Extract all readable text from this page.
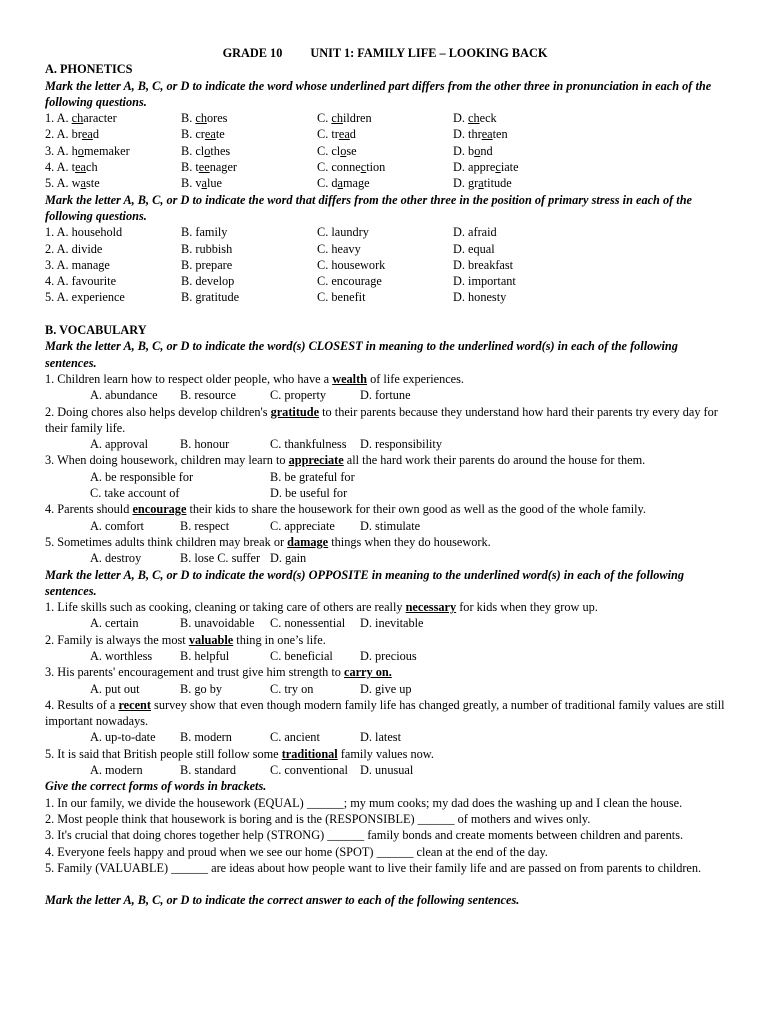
GRADE 10 UNIT 1: FAMILY LIFE – LOOKING BACK
A. PHONETICS
Mark the letter A, B, C, or D to indicate the word whose underlined part differs from the other three in pronunciation in each of the following questions.
1. A. character	B. chores	C. children	D. check
2. A. bread	B. create	C. tread	D. threaten
3. A. homemaker	B. clothes	C. close	D. bond
4. A. teach	B. teenager	C. connection	D. appreciate
5. A. waste	B. value	C. damage	D. gratitude
Mark the letter A, B, C, or D to indicate the word that differs from the other three in the position of primary stress in each of the following questions.
1. A. household	B. family	C. laundry	D. afraid
2. A. divide	B. rubbish	C. heavy	D. equal
3. A. manage	B. prepare	C. housework	D. breakfast
4. A. favourite	B. develop	C. encourage	D. important
5. A. experience	B. gratitude	C. benefit	D. honesty
B. VOCABULARY
Mark the letter A, B, C, or D to indicate the word(s) CLOSEST in meaning to the underlined word(s) in each of the following sentences.
1. Children learn how to respect older people, who have a wealth of life experiences.
A. abundance B. resource	C. property	D. fortune
2. Doing chores also helps develop children's gratitude to their parents because they understand how hard their parents try every day for their family life.
A. approval	B. honour	C. thankfulness D. responsibility
3. When doing housework, children may learn to appreciate all the hard work their parents do around the house for them.
A. be responsible for	B. be grateful for
C. take account of	D. be useful for
4. Parents should encourage their kids to share the housework for their own good as well as the good of the whole family.
A. comfort	B. respect	C. appreciate D. stimulate
5. Sometimes adults think children may break or damage things when they do housework.
A. destroy	B. lose C. suffer D. gain
Mark the letter A, B, C, or D to indicate the word(s) OPPOSITE in meaning to the underlined word(s) in each of the following sentences.
1. Life skills such as cooking, cleaning or taking care of others are really necessary for kids when they grow up.
A. certain	B. unavoidable C. nonessential D. inevitable
2. Family is always the most valuable thing in one’s life.
A. worthless B. helpful	C. beneficial D. precious
3. His parents' encouragement and trust give him strength to carry on.
A. put out	B. go by	C. try on	D. give up
4. Results of a recent survey show that even though modern family life has changed greatly, a number of traditional family values are still important nowadays.
A. up-to-date B. modern	C. ancient	D. latest
5. It is said that British people still follow some traditional family values now.
A. modern	B. standard	C. conventional D. unusual
Give the correct forms of words in brackets.
1. In our family, we divide the housework (EQUAL) ______; my mum cooks; my dad does the washing up and I clean the house.
2. Most people think that housework is boring and is the (RESPONSIBLE) ______ of mothers and wives only.
3. It's crucial that doing chores together help (STRONG) ______ family bonds and create moments between children and parents.
4. Everyone feels happy and proud when we see our home (SPOT) ______ clean at the end of the day.
5. Family (VALUABLE) ______ are ideas about how people want to live their family life and are passed on from parents to children.
Mark the letter A, B, C, or D to indicate the correct answer to each of the following sentences.
